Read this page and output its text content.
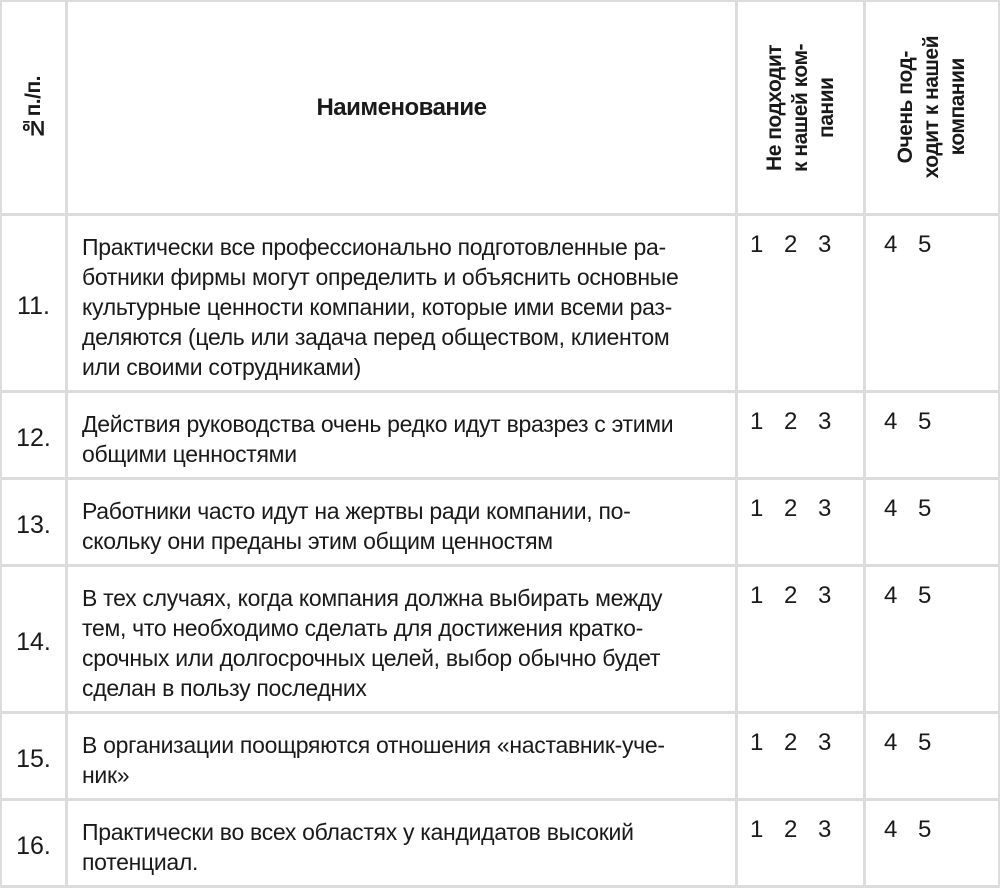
№п./п.	Наименование	Не подходит
к нашей ком-
пании	Очень под-
ходит к нашей
компании

11.	Практически все профессионально подготовленные ра-
ботники фирмы могут определить и объяснить основные
культурные ценности компании, которые ими всеми раз-
деляются (цель или задача перед обществом, клиентом
или своими сотрудниками)	1 2 3	4 5
12.	Действия руководства очень редко идут вразрез с этими
общими ценностями	1 2 3	4 5
13.	Работники часто идут на жертвы ради компании, по-
скольку они преданы этим общим ценностям	1 2 3	4 5
14.	В тех случаях, когда компания должна выбирать между
тем, что необходимо сделать для достижения кратко-
срочных или долгосрочных целей, выбор обычно будет
сделан в пользу последних	1 2 3	4 5
15.	В организации поощряются отношения «наставник-уче-
ник»	1 2 3	4 5
16.	Практически во всех областях у кандидатов высокий
потенциал.	1 2 3	4 5
